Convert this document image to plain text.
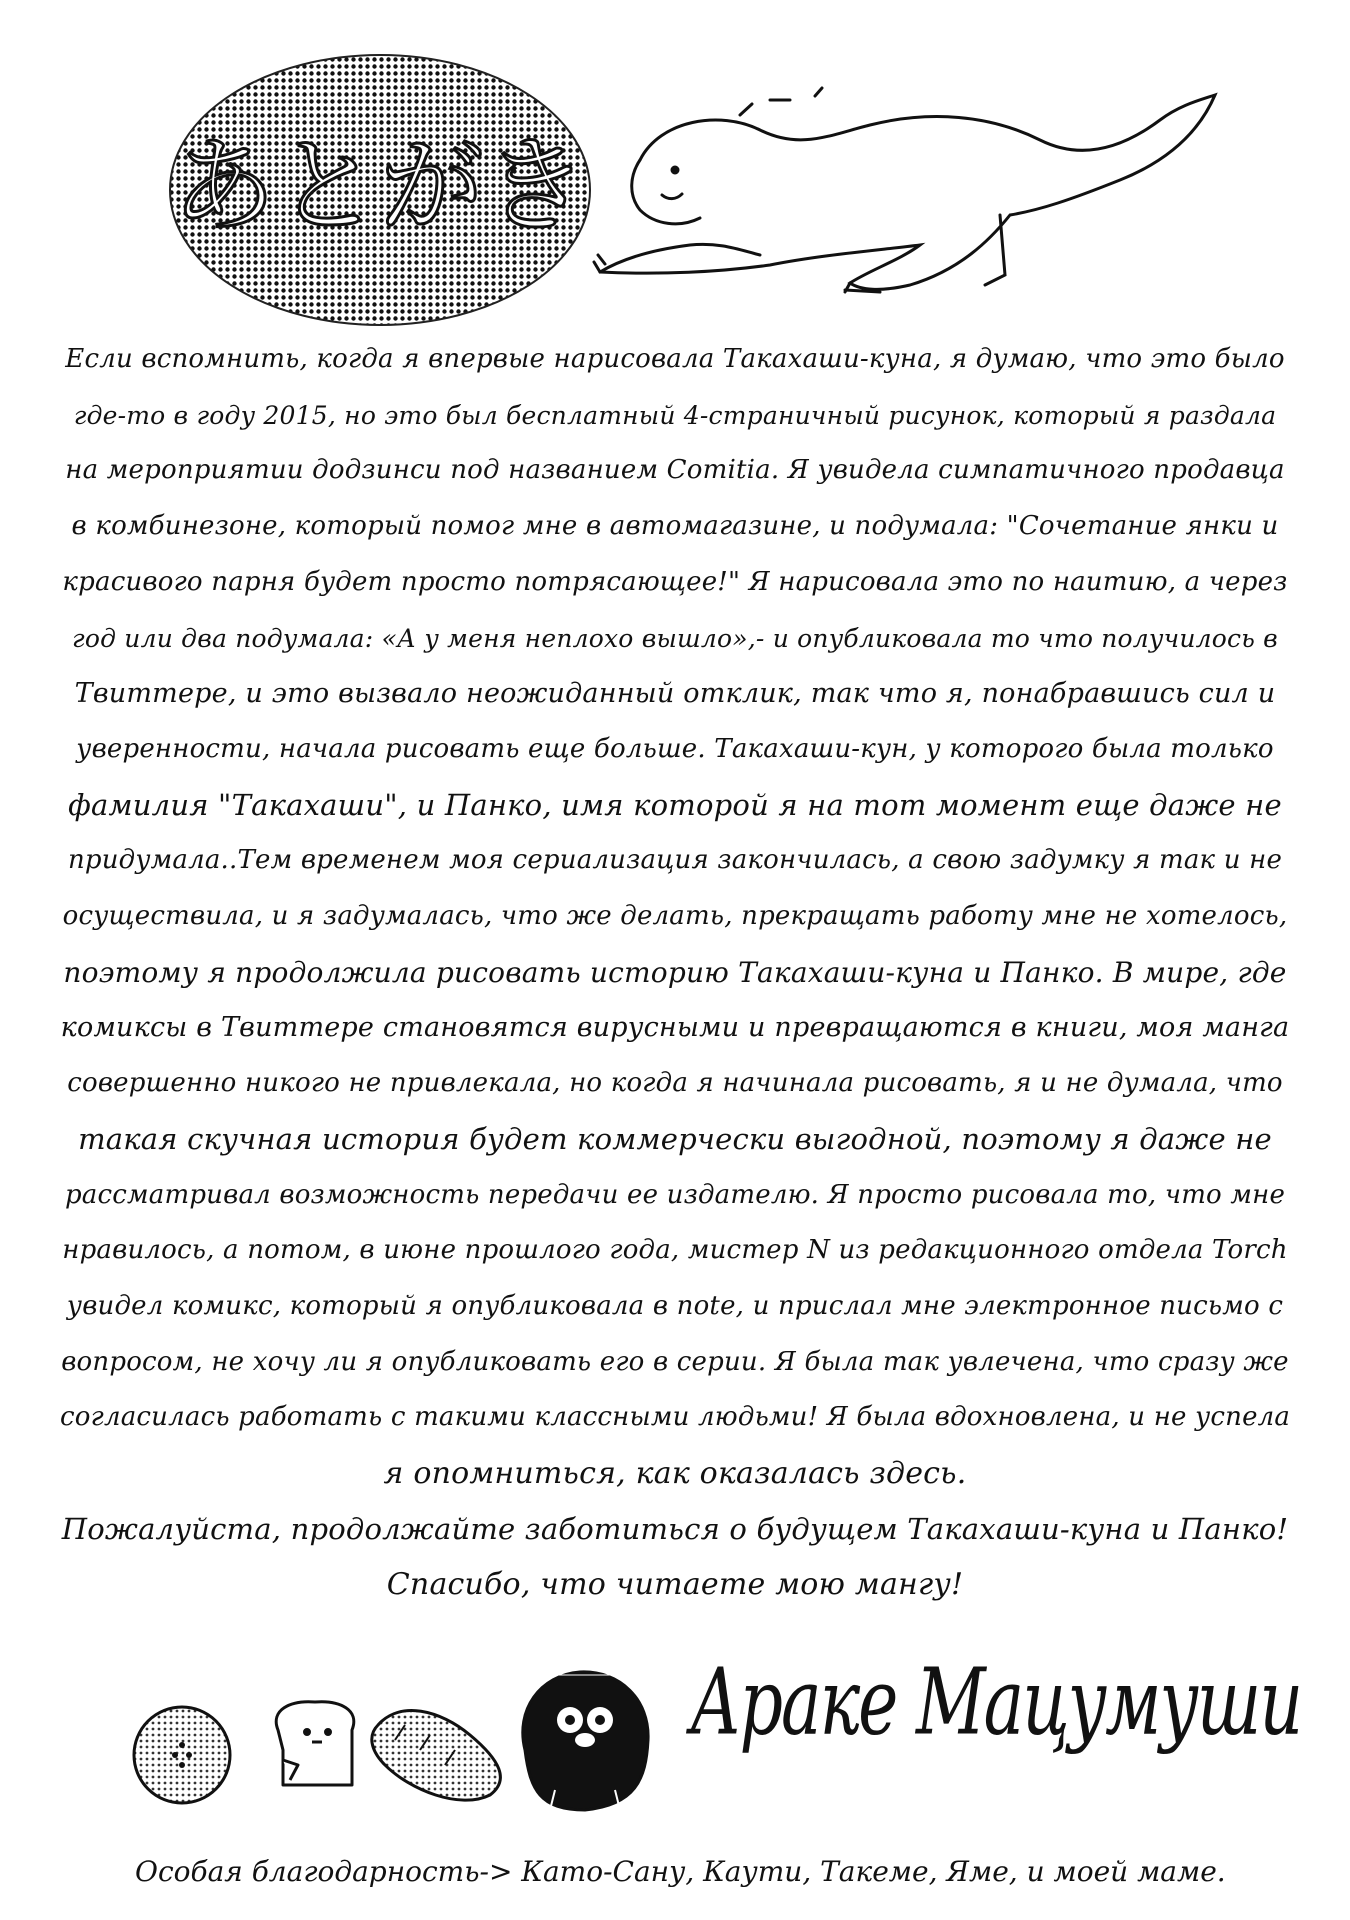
あとがき
Если вспомнить, когда я впервые нарисовала Такахаши-куна, я думаю, что это было
где-то в году 2015, но это был бесплатный 4-страничный рисунок, который я раздала
на мероприятии додзинси под названием Comitia. Я увидела симпатичного продавца
в комбинезоне, который помог мне в автомагазине, и подумала: "Сочетание янки и
красивого парня будет просто потрясающее!" Я нарисовала это по наитию, а через
год или два подумала: «А у меня неплохо вышло»,- и опубликовала то что получилось в
Твиттере, и это вызвало неожиданный отклик, так что я, понабравшись сил и
уверенности, начала рисовать еще больше. Такахаши-кун, у которого была только
фамилия "Такахаши", и Панко, имя которой я на тот момент еще даже не
придумала..Тем временем моя сериализация закончилась, а свою задумку я так и не
осуществила, и я задумалась, что же делать, прекращать работу мне не хотелось,
поэтому я продолжила рисовать историю Такахаши-куна и Панко. В мире, где
комиксы в Твиттере становятся вирусными и превращаются в книги, моя манга
совершенно никого не привлекала, но когда я начинала рисовать, я и не думала, что
такая скучная история будет коммерчески выгодной, поэтому я даже не
рассматривал возможность передачи ее издателю. Я просто рисовала то, что мне
нравилось, а потом, в июне прошлого года, мистер N из редакционного отдела Torch
увидел комикс, который я опубликовала в note, и прислал мне электронное письмо с
вопросом, не хочу ли я опубликовать его в серии. Я была так увлечена, что сразу же
согласилась работать с такими классными людьми! Я была вдохновлена, и не успела
я опомниться, как оказалась здесь.
Пожалуйста, продолжайте заботиться о будущем Такахаши-куна и Панко!
Спасибо, что читаете мою мангу!
Араке Мацумуши
Особая благодарность-> Като-Сану, Каути, Такеме, Яме, и моей маме.
